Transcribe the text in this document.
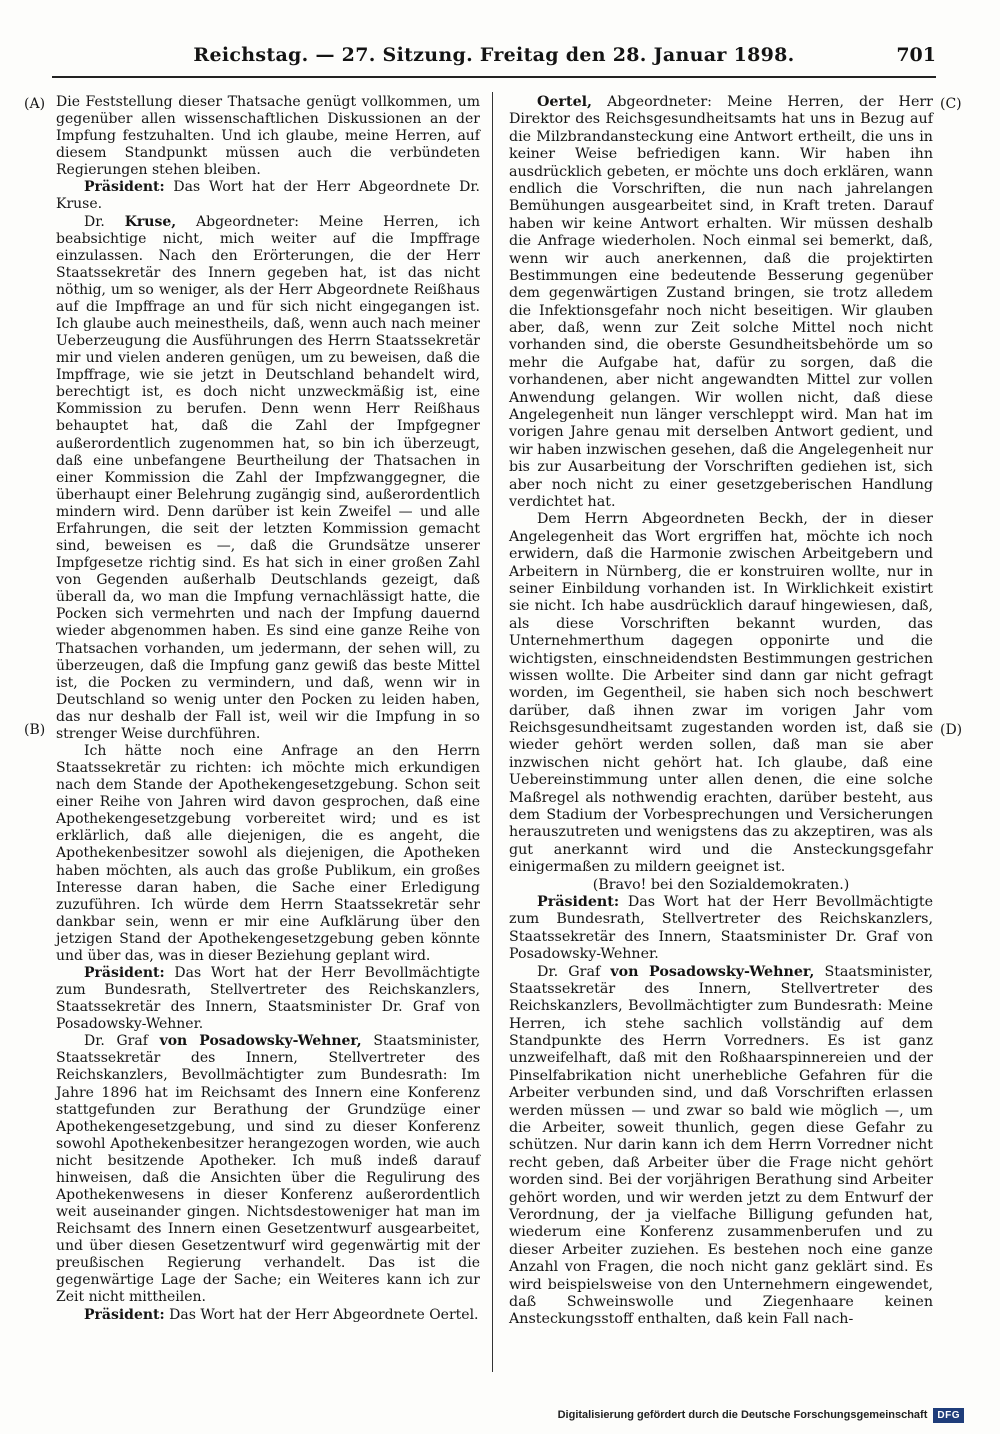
Reichstag. — 27. Sitzung. Freitag den 28. Januar 1898.	701
(A)
(B)
(C)
(D)

Die Feststellung dieser Thatsache genügt vollkommen, um gegenüber allen wissenschaftlichen Diskussionen an der Impfung festzuhalten. Und ich glaube, meine Herren, auf diesem Standpunkt müssen auch die verbündeten Regierungen stehen bleiben.

Präsident: Das Wort hat der Herr Abgeordnete Dr. Kruse.

Dr. Kruse, Abgeordneter: Meine Herren, ich beabsichtige nicht, mich weiter auf die Impffrage einzulassen. Nach den Erörterungen, die der Herr Staatssekretär des Innern gegeben hat, ist das nicht nöthig, um so weniger, als der Herr Abgeordnete Reißhaus auf die Impffrage an und für sich nicht eingegangen ist. Ich glaube auch meinestheils, daß, wenn auch nach meiner Ueberzeugung die Ausführungen des Herrn Staatssekretär mir und vielen anderen genügen, um zu beweisen, daß die Impffrage, wie sie jetzt in Deutschland behandelt wird, berechtigt ist, es doch nicht unzweckmäßig ist, eine Kommission zu berufen. Denn wenn Herr Reißhaus behauptet hat, daß die Zahl der Impfgegner außerordentlich zugenommen hat, so bin ich überzeugt, daß eine unbefangene Beurtheilung der Thatsachen in einer Kommission die Zahl der Impfzwanggegner, die überhaupt einer Belehrung zugängig sind, außerordentlich mindern wird. Denn darüber ist kein Zweifel — und alle Erfahrungen, die seit der letzten Kommission gemacht sind, beweisen es —, daß die Grundsätze unserer Impfgesetze richtig sind. Es hat sich in einer großen Zahl von Gegenden außerhalb Deutschlands gezeigt, daß überall da, wo man die Impfung vernachlässigt hatte, die Pocken sich vermehrten und nach der Impfung dauernd wieder abgenommen haben. Es sind eine ganze Reihe von Thatsachen vorhanden, um jedermann, der sehen will, zu überzeugen, daß die Impfung ganz gewiß das beste Mittel ist, die Pocken zu vermindern, und daß, wenn wir in Deutschland so wenig unter den Pocken zu leiden haben, das nur deshalb der Fall ist, weil wir die Impfung in so strenger Weise durchführen.

Ich hätte noch eine Anfrage an den Herrn Staatssekretär zu richten: ich möchte mich erkundigen nach dem Stande der Apothekengesetzgebung. Schon seit einer Reihe von Jahren wird davon gesprochen, daß eine Apothekengesetzgebung vorbereitet wird; und es ist erklärlich, daß alle diejenigen, die es angeht, die Apothekenbesitzer sowohl als diejenigen, die Apotheken haben möchten, als auch das große Publikum, ein großes Interesse daran haben, die Sache einer Erledigung zuzuführen. Ich würde dem Herrn Staatssekretär sehr dankbar sein, wenn er mir eine Aufklärung über den jetzigen Stand der Apothekengesetzgebung geben könnte und über das, was in dieser Beziehung geplant wird.

Präsident: Das Wort hat der Herr Bevollmächtigte zum Bundesrath, Stellvertreter des Reichskanzlers, Staatssekretär des Innern, Staatsminister Dr. Graf von Posadowsky-Wehner.

Dr. Graf von Posadowsky-Wehner, Staatsminister, Staatssekretär des Innern, Stellvertreter des Reichskanzlers, Bevollmächtigter zum Bundesrath: Im Jahre 1896 hat im Reichsamt des Innern eine Konferenz stattgefunden zur Berathung der Grundzüge einer Apothekengesetzgebung, und sind zu dieser Konferenz sowohl Apothekenbesitzer herangezogen worden, wie auch nicht besitzende Apotheker. Ich muß indeß darauf hinweisen, daß die Ansichten über die Regulirung des Apothekenwesens in dieser Konferenz außerordentlich weit auseinander gingen. Nichtsdestoweniger hat man im Reichsamt des Innern einen Gesetzentwurf ausgearbeitet, und über diesen Gesetzentwurf wird gegenwärtig mit der preußischen Regierung verhandelt. Das ist die gegenwärtige Lage der Sache; ein Weiteres kann ich zur Zeit nicht mittheilen.

Präsident: Das Wort hat der Herr Abgeordnete Oertel.

Oertel, Abgeordneter: Meine Herren, der Herr Direktor des Reichsgesundheitsamts hat uns in Bezug auf die Milzbrandansteckung eine Antwort ertheilt, die uns in keiner Weise befriedigen kann. Wir haben ihn ausdrücklich gebeten, er möchte uns doch erklären, wann endlich die Vorschriften, die nun nach jahrelangen Bemühungen ausgearbeitet sind, in Kraft treten. Darauf haben wir keine Antwort erhalten. Wir müssen deshalb die Anfrage wiederholen. Noch einmal sei bemerkt, daß, wenn wir auch anerkennen, daß die projektirten Bestimmungen eine bedeutende Besserung gegenüber dem gegenwärtigen Zustand bringen, sie trotz alledem die Infektionsgefahr noch nicht beseitigen. Wir glauben aber, daß, wenn zur Zeit solche Mittel noch nicht vorhanden sind, die oberste Gesundheitsbehörde um so mehr die Aufgabe hat, dafür zu sorgen, daß die vorhandenen, aber nicht angewandten Mittel zur vollen Anwendung gelangen. Wir wollen nicht, daß diese Angelegenheit nun länger verschleppt wird. Man hat im vorigen Jahre genau mit derselben Antwort gedient, und wir haben inzwischen gesehen, daß die Angelegenheit nur bis zur Ausarbeitung der Vorschriften gediehen ist, sich aber noch nicht zu einer gesetzgeberischen Handlung verdichtet hat.

Dem Herrn Abgeordneten Beckh, der in dieser Angelegenheit das Wort ergriffen hat, möchte ich noch erwidern, daß die Harmonie zwischen Arbeitgebern und Arbeitern in Nürnberg, die er konstruiren wollte, nur in seiner Einbildung vorhanden ist. In Wirklichkeit existirt sie nicht. Ich habe ausdrücklich darauf hingewiesen, daß, als diese Vorschriften bekannt wurden, das Unternehmerthum dagegen opponirte und die wichtigsten, einschneidendsten Bestimmungen gestrichen wissen wollte. Die Arbeiter sind dann gar nicht gefragt worden, im Gegentheil, sie haben sich noch beschwert darüber, daß ihnen zwar im vorigen Jahr vom Reichsgesundheitsamt zugestanden worden ist, daß sie wieder gehört werden sollen, daß man sie aber inzwischen nicht gehört hat. Ich glaube, daß eine Uebereinstimmung unter allen denen, die eine solche Maßregel als nothwendig erachten, darüber besteht, aus dem Stadium der Vorbesprechungen und Versicherungen herauszutreten und wenigstens das zu akzeptiren, was als gut anerkannt wird und die Ansteckungsgefahr einigermaßen zu mildern geeignet ist.

(Bravo! bei den Sozialdemokraten.)

Präsident: Das Wort hat der Herr Bevollmächtigte zum Bundesrath, Stellvertreter des Reichskanzlers, Staatssekretär des Innern, Staatsminister Dr. Graf von Posadowsky-Wehner.

Dr. Graf von Posadowsky-Wehner, Staatsminister, Staatssekretär des Innern, Stellvertreter des Reichskanzlers, Bevollmächtigter zum Bundesrath: Meine Herren, ich stehe sachlich vollständig auf dem Standpunkte des Herrn Vorredners. Es ist ganz unzweifelhaft, daß mit den Roßhaarspinnereien und der Pinselfabrikation nicht unerhebliche Gefahren für die Arbeiter verbunden sind, und daß Vorschriften erlassen werden müssen — und zwar so bald wie möglich —, um die Arbeiter, soweit thunlich, gegen diese Gefahr zu schützen. Nur darin kann ich dem Herrn Vorredner nicht recht geben, daß Arbeiter über die Frage nicht gehört worden sind. Bei der vorjährigen Berathung sind Arbeiter gehört worden, und wir werden jetzt zu dem Entwurf der Verordnung, der ja vielfache Billigung gefunden hat, wiederum eine Konferenz zusammenberufen und zu dieser Arbeiter zuziehen. Es bestehen noch eine ganze Anzahl von Fragen, die noch nicht ganz geklärt sind. Es wird beispielsweise von den Unternehmern eingewendet, daß Schweinswolle und Ziegenhaare keinen Ansteckungsstoff enthalten, daß kein Fall nach-

Digitalisierung gefördert durch die Deutsche Forschungsgemeinschaft	DFG
